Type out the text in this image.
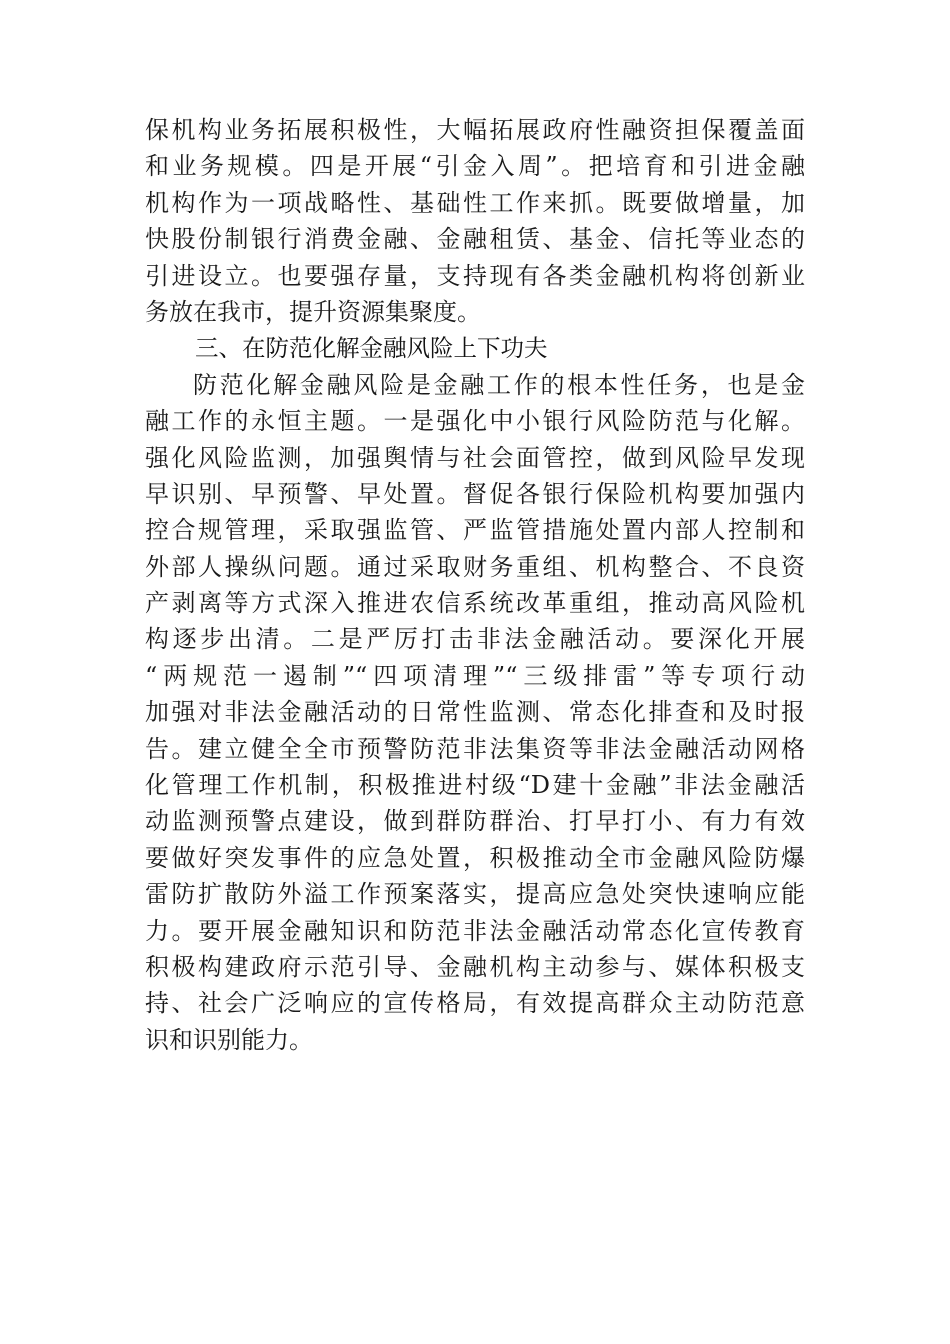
保机构业务拓展积极性，大幅拓展政府性融资担保覆盖面
和业务规模。四是开展“引金入周”。把培育和引进金融
机构作为一项战略性、基础性工作来抓。既要做增量，加
快股份制银行消费金融、金融租赁、基金、信托等业态的
引进设立。也要强存量，支持现有各类金融机构将创新业
务放在我市，提升资源集聚度。
三、在防范化解金融风险上下功夫
防范化解金融风险是金融工作的根本性任务，也是金
融工作的永恒主题。一是强化中小银行风险防范与化解。
强化风险监测，加强舆情与社会面管控，做到风险早发现
早识别、早预警、早处置。督促各银行保险机构要加强内
控合规管理，采取强监管、严监管措施处置内部人控制和
外部人操纵问题。通过采取财务重组、机构整合、不良资
产剥离等方式深入推进农信系统改革重组，推动高风险机
构逐步出清。二是严厉打击非法金融活动。要深化开展
“两规范一遏制”“四项清理”“三级排雷”等专项行动
加强对非法金融活动的日常性监测、常态化排查和及时报
告。建立健全全市预警防范非法集资等非法金融活动网格
化管理工作机制，积极推进村级“D建十金融”非法金融活
动监测预警点建设，做到群防群治、打早打小、有力有效
要做好突发事件的应急处置，积极推动全市金融风险防爆
雷防扩散防外溢工作预案落实，提高应急处突快速响应能
力。要开展金融知识和防范非法金融活动常态化宣传教育
积极构建政府示范引导、金融机构主动参与、媒体积极支
持、社会广泛响应的宣传格局，有效提高群众主动防范意
识和识别能力。
